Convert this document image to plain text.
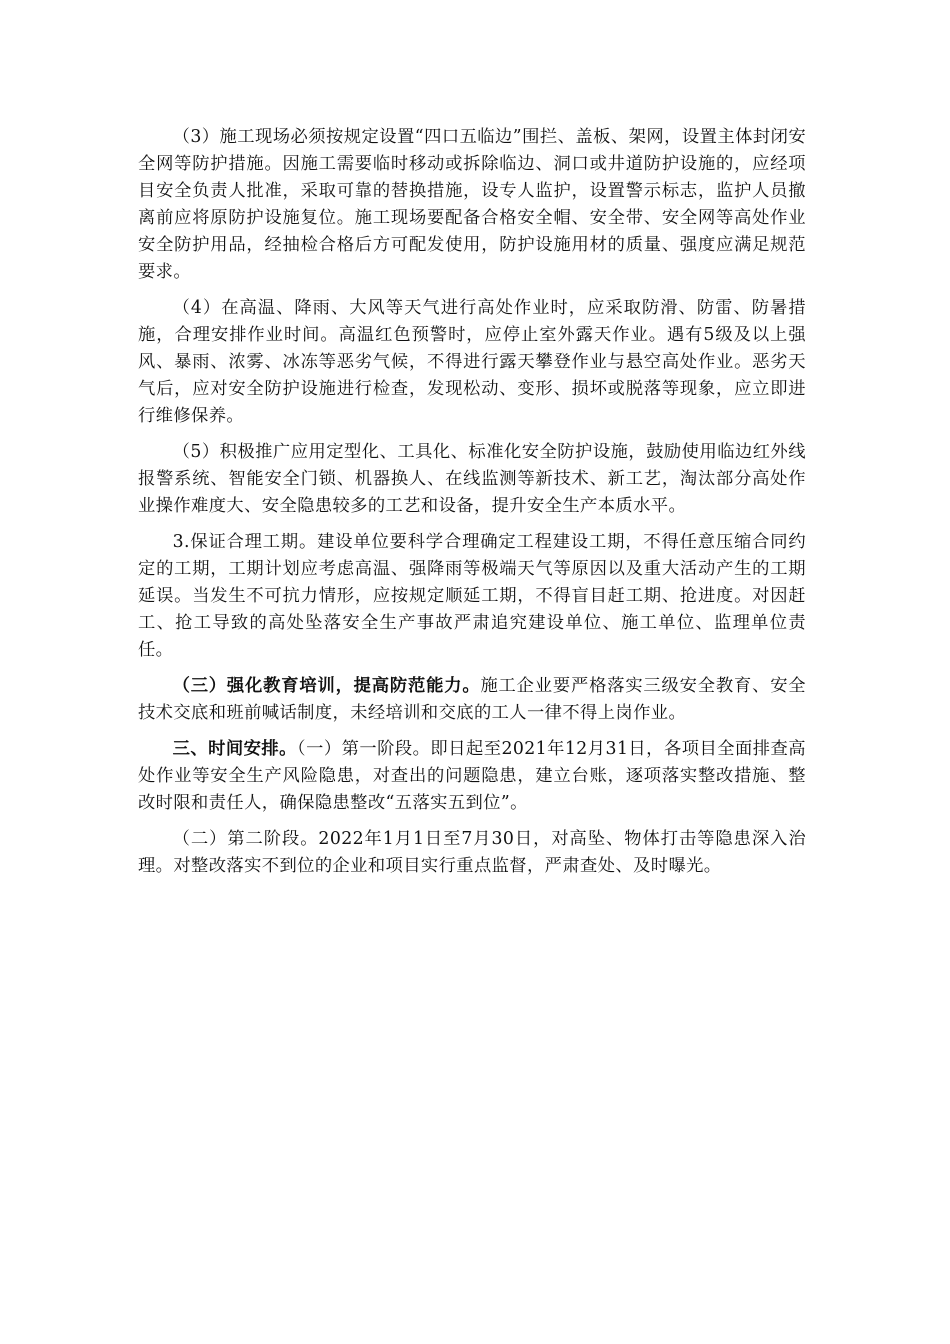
（3）施工现场必须按规定设置“四口五临边”围拦、盖板、架网，设置主体封闭安全网等防护措施。因施工需要临时移动或拆除临边、洞口或井道防护设施的，应经项目安全负责人批准，采取可靠的替换措施，设专人监护，设置警示标志，监护人员撤离前应将原防护设施复位。施工现场要配备合格安全帽、安全带、安全网等高处作业安全防护用品，经抽检合格后方可配发使用，防护设施用材的质量、强度应满足规范要求。

（4）在高温、降雨、大风等天气进行高处作业时，应采取防滑、防雷、防暑措施，合理安排作业时间。高温红色预警时，应停止室外露天作业。遇有5级及以上强风、暴雨、浓雾、冰冻等恶劣气候，不得进行露天攀登作业与悬空高处作业。恶劣天气后，应对安全防护设施进行检查，发现松动、变形、损坏或脱落等现象，应立即进行维修保养。

（5）积极推广应用定型化、工具化、标准化安全防护设施，鼓励使用临边红外线报警系统、智能安全门锁、机器换人、在线监测等新技术、新工艺，淘汰部分高处作业操作难度大、安全隐患较多的工艺和设备，提升安全生产本质水平。

3.保证合理工期。建设单位要科学合理确定工程建设工期，不得任意压缩合同约定的工期，工期计划应考虑高温、强降雨等极端天气等原因以及重大活动产生的工期延误。当发生不可抗力情形，应按规定顺延工期，不得盲目赶工期、抢进度。对因赶工、抢工导致的高处坠落安全生产事故严肃追究建设单位、施工单位、监理单位责任。

（三）强化教育培训，提高防范能力。施工企业要严格落实三级安全教育、安全技术交底和班前喊话制度，未经培训和交底的工人一律不得上岗作业。

三、时间安排。（一）第一阶段。即日起至2021年12月31日，各项目全面排查高处作业等安全生产风险隐患，对查出的问题隐患，建立台账，逐项落实整改措施、整改时限和责任人，确保隐患整改“五落实五到位”。

（二）第二阶段。2022年1月1日至7月30日，对高坠、物体打击等隐患深入治理。对整改落实不到位的企业和项目实行重点监督，严肃查处、及时曝光。
